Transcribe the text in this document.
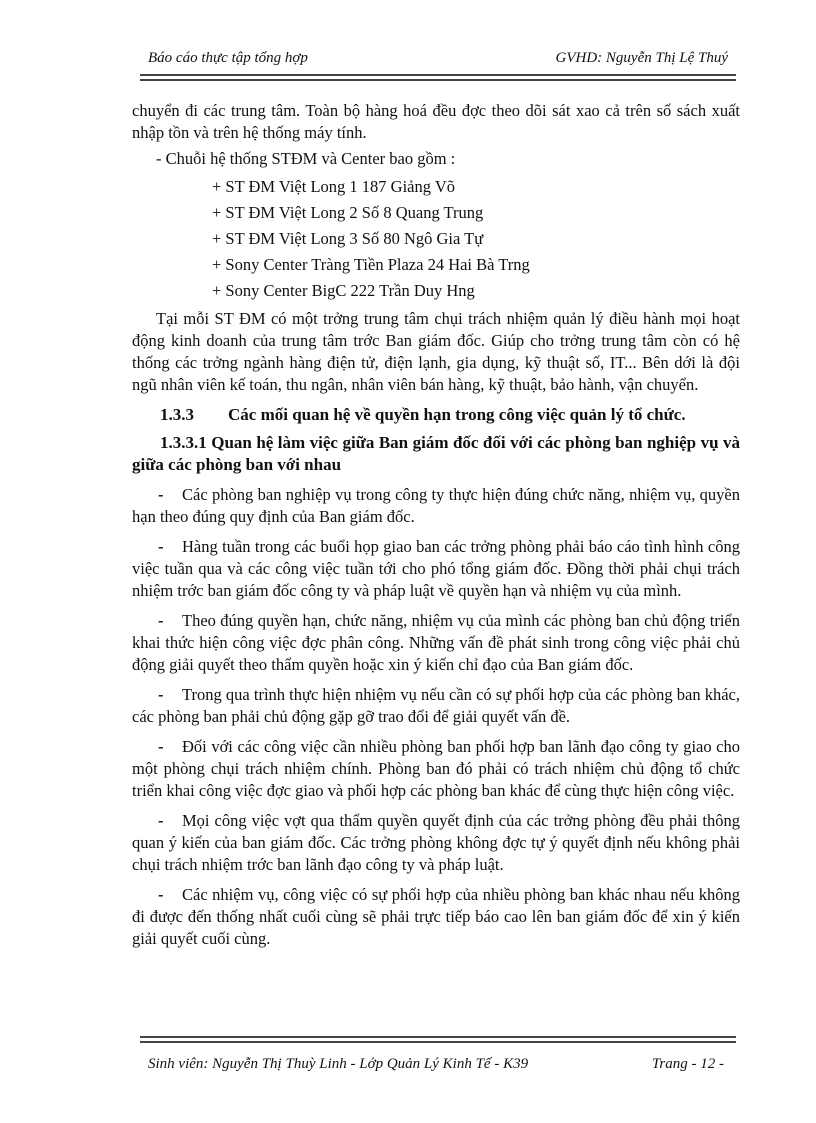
Báo cáo thực tập tổng hợp	GVHD: Nguyễn Thị Lệ Thuý

chuyển đi các trung tâm. Toàn bộ hàng hoá đều đợc theo dõi sát xao cả trên số sách xuất nhập tồn và trên hệ thống máy tính.

- Chuỗi hệ thống STĐM và Center bao gồm :

+ ST ĐM Việt Long 1 187 Giảng Võ
+ ST ĐM Việt Long 2 Số 8 Quang Trung
+ ST ĐM Việt Long 3 Số 80 Ngô Gia Tự
+ Sony Center Tràng Tiền Plaza 24 Hai Bà Trng
+ Sony Center BigC 222 Trần Duy Hng

Tại mỗi ST ĐM có một trởng trung tâm chụi trách nhiệm quản lý điều hành mọi hoạt động kinh doanh của trung tâm trớc Ban giám đốc. Giúp cho trởng trung tâm còn có hệ thống các trởng ngành hàng điện tử, điện lạnh, gia dụng, kỹ thuật số, IT... Bên dới là đội ngũ nhân viên kế toán, thu ngân, nhân viên bán hàng, kỹ thuật, bảo hành, vận chuyển.

1.3.3 Các mối quan hệ về quyền hạn trong công việc quản lý tổ chức.

1.3.3.1 Quan hệ làm việc giữa Ban giám đốc đối với các phòng ban nghiệp vụ và giữa các phòng ban với nhau

- Các phòng ban nghiệp vụ trong công ty thực hiện đúng chức năng, nhiệm vụ, quyền hạn theo đúng quy định của Ban giám đốc.

- Hàng tuần trong các buổi họp giao ban các trởng phòng phải báo cáo tình hình công việc tuần qua và các công việc tuần tới cho phó tổng giám đốc. Đồng thời phải chụi trách nhiệm trớc ban giám đốc công ty và pháp luật về quyền hạn và nhiệm vụ của mình.

- Theo đúng quyền hạn, chức năng, nhiệm vụ của mình các phòng ban chủ động triển khai thức hiện công việc đợc phân công. Những vấn đề phát sinh trong công việc phải chủ động giải quyết theo thẩm quyền hoặc xin ý kiến chỉ đạo của Ban giám đốc.

- Trong qua trình thực hiện nhiệm vụ nếu cần có sự phối hợp của các phòng ban khác, các phòng ban phải chủ động gặp gỡ trao đổi để giải quyết vấn đề.

- Đối với các công việc cần nhiều phòng ban phối hợp ban lãnh đạo công ty giao cho một phòng chụi trách nhiệm chính. Phòng ban đó phải có trách nhiệm chủ động tổ chức triển khai công việc đợc giao và phối hợp các phòng ban khác để cùng thực hiện công việc.

- Mọi công việc vợt qua thẩm quyền quyết định của các trởng phòng đều phải thông quan ý kiến của ban giám đốc. Các trởng phòng không đợc tự ý quyết định nếu không phải chụi trách nhiệm trớc ban lãnh đạo công ty và pháp luật.

- Các nhiệm vụ, công việc có sự phối hợp của nhiều phòng ban khác nhau nếu không đi được đến thống nhất cuối cùng sẽ phải trực tiếp báo cao lên ban giám đốc để xin ý kiến giải quyết cuối cùng.

Sinh viên: Nguyễn Thị Thuỳ Linh - Lớp Quản Lý Kinh Tế - K39	Trang - 12 -
